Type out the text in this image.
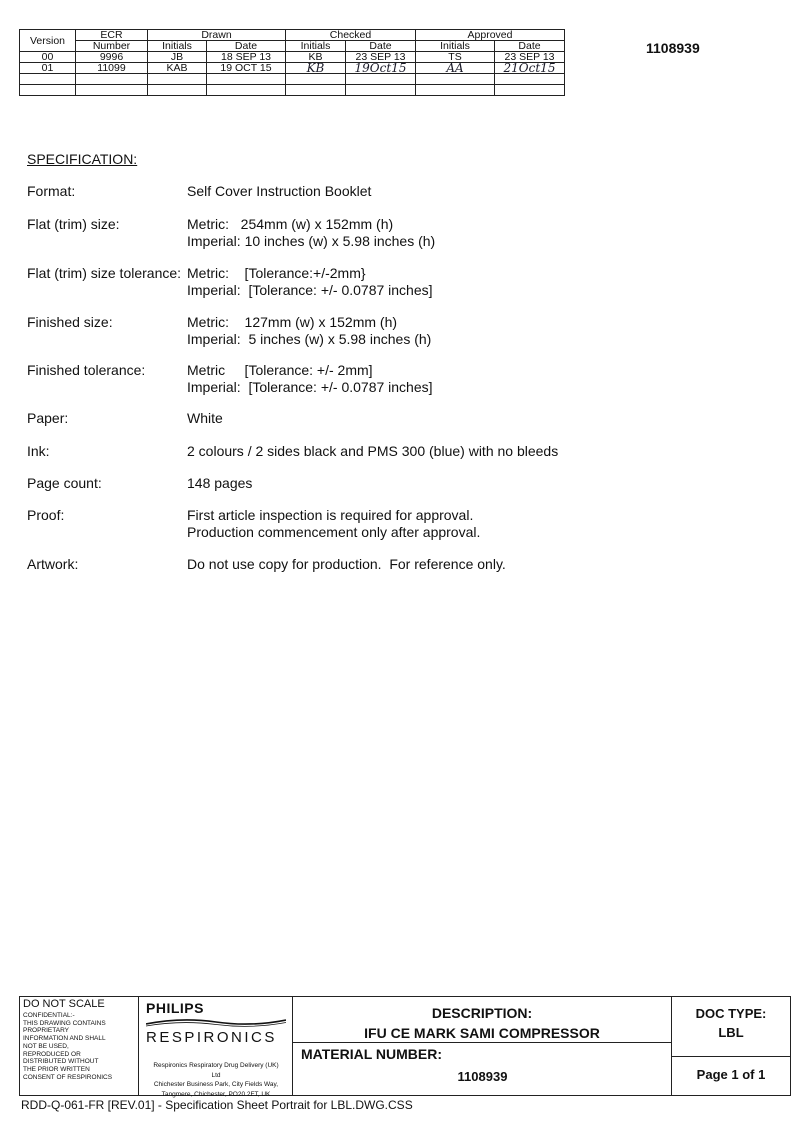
Version	ECR	Drawn		Checked		Approved	
	Number	Initials	Date	Initials	Date	Initials	Date
00	9996	JB	18 SEP 13	KB	23 SEP 13	TS	23 SEP 13
01	11099	KAB	19 OCT 15	KB	19Oct15	AA	21Oct15

1108939
SPECIFICATION:
Format:	Self Cover Instruction Booklet
Flat (trim) size:	Metric:   254mm (w) x 152mm (h)
Imperial: 10 inches (w) x 5.98 inches (h)
Flat (trim) size tolerance: Metric:    [Tolerance:+/-2mm}
Imperial:  [Tolerance: +/- 0.0787 inches]
Finished size:	Metric:    127mm (w) x 152mm (h)
Imperial:  5 inches (w) x 5.98 inches (h)
Finished tolerance:	Metric     [Tolerance: +/- 2mm]
Imperial:  [Tolerance: +/- 0.0787 inches]
Paper:	White
Ink:	2 colours / 2 sides black and PMS 300 (blue) with no bleeds
Page count:	148 pages
Proof:	First article inspection is required for approval.
Production commencement only after approval.
Artwork:	Do not use copy for production.  For reference only.
DO NOT SCALE
CONFIDENTIAL:-
THIS DRAWING CONTAINS
PROPRIETARY
INFORMATION AND SHALL
NOT BE USED,
REPRODUCED OR
DISTRIBUTED WITHOUT
THE PRIOR WRITTEN
CONSENT OF RESPIRONICS
PHILIPS
RESPIRONICS
Respironics Respiratory Drug Delivery (UK)
Ltd
Chichester Business Park, City Fields Way,
Tangmere, Chichester, PO20 2FT, UK
DESCRIPTION:
IFU CE MARK SAMI COMPRESSOR
MATERIAL NUMBER:
1108939
DOC TYPE:
LBL
Page 1 of 1
RDD-Q-061-FR [REV.01] - Specification Sheet Portrait for LBL.DWG.CSS
